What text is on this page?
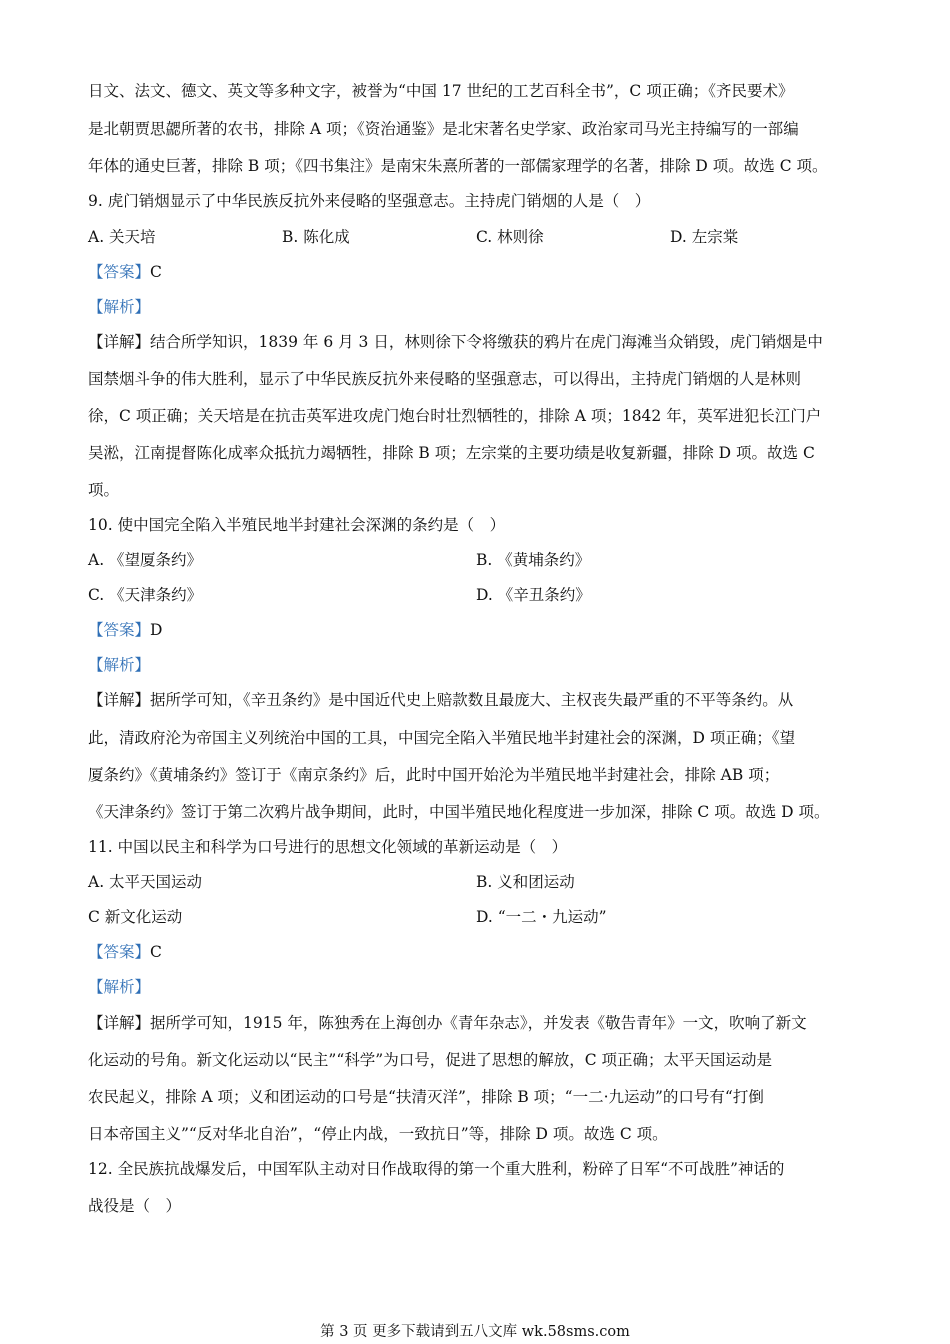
日文、法文、德文、英文等多种文字，被誉为“中国 17 世纪的工艺百科全书”，C 项正确；《齐民要术》
是北朝贾思勰所著的农书，排除 A 项；《资治通鉴》是北宋著名史学家、政治家司马光主持编写的一部编
年体的通史巨著，排除 B 项；《四书集注》是南宋朱熹所著的一部儒家理学的名著，排除 D 项。故选 C 项。
9. 虎门销烟显示了中华民族反抗外来侵略的坚强意志。主持虎门销烟的人是（　）
A. 关天培	B. 陈化成	C. 林则徐	D. 左宗棠
【答案】C
【解析】
【详解】结合所学知识，1839 年 6 月 3 日，林则徐下令将缴获的鸦片在虎门海滩当众销毁，虎门销烟是中
国禁烟斗争的伟大胜利，显示了中华民族反抗外来侵略的坚强意志，可以得出，主持虎门销烟的人是林则
徐，C 项正确；关天培是在抗击英军进攻虎门炮台时壮烈牺牲的，排除 A 项；1842 年，英军进犯长江门户
吴淞，江南提督陈化成率众抵抗力竭牺牲，排除 B 项；左宗棠的主要功绩是收复新疆，排除 D 项。故选 C
项。
10. 使中国完全陷入半殖民地半封建社会深渊的条约是（　）
A. 《望厦条约》	B. 《黄埔条约》
C. 《天津条约》	D. 《辛丑条约》
【答案】D
【解析】
【详解】据所学可知，《辛丑条约》是中国近代史上赔款数且最庞大、主权丧失最严重的不平等条约。从
此，清政府沦为帝国主义列统治中国的工具，中国完全陷入半殖民地半封建社会的深渊，D 项正确；《望
厦条约》《黄埔条约》签订于《南京条约》后，此时中国开始沦为半殖民地半封建社会，排除 AB 项；
《天津条约》签订于第二次鸦片战争期间，此时，中国半殖民地化程度进一步加深，排除 C 项。故选 D 项。
11. 中国以民主和科学为口号进行的思想文化领域的革新运动是（　）
A. 太平天国运动	B. 义和团运动
C 新文化运动	D. “一二・九运动”
【答案】C
【解析】
【详解】据所学可知，1915 年，陈独秀在上海创办《青年杂志》，并发表《敬告青年》一文，吹响了新文
化运动的号角。新文化运动以“民主”“科学”为口号，促进了思想的解放，C 项正确；太平天国运动是
农民起义，排除 A 项；义和团运动的口号是“扶清灭洋”，排除 B 项；“一二·九运动”的口号有“打倒
日本帝国主义”“反对华北自治”，“停止内战，一致抗日”等，排除 D 项。故选 C 项。
12. 全民族抗战爆发后，中国军队主动对日作战取得的第一个重大胜利，粉碎了日军“不可战胜”神话的
战役是（　）
第 3 页 更多下载请到五八文库 wk.58sms.com
